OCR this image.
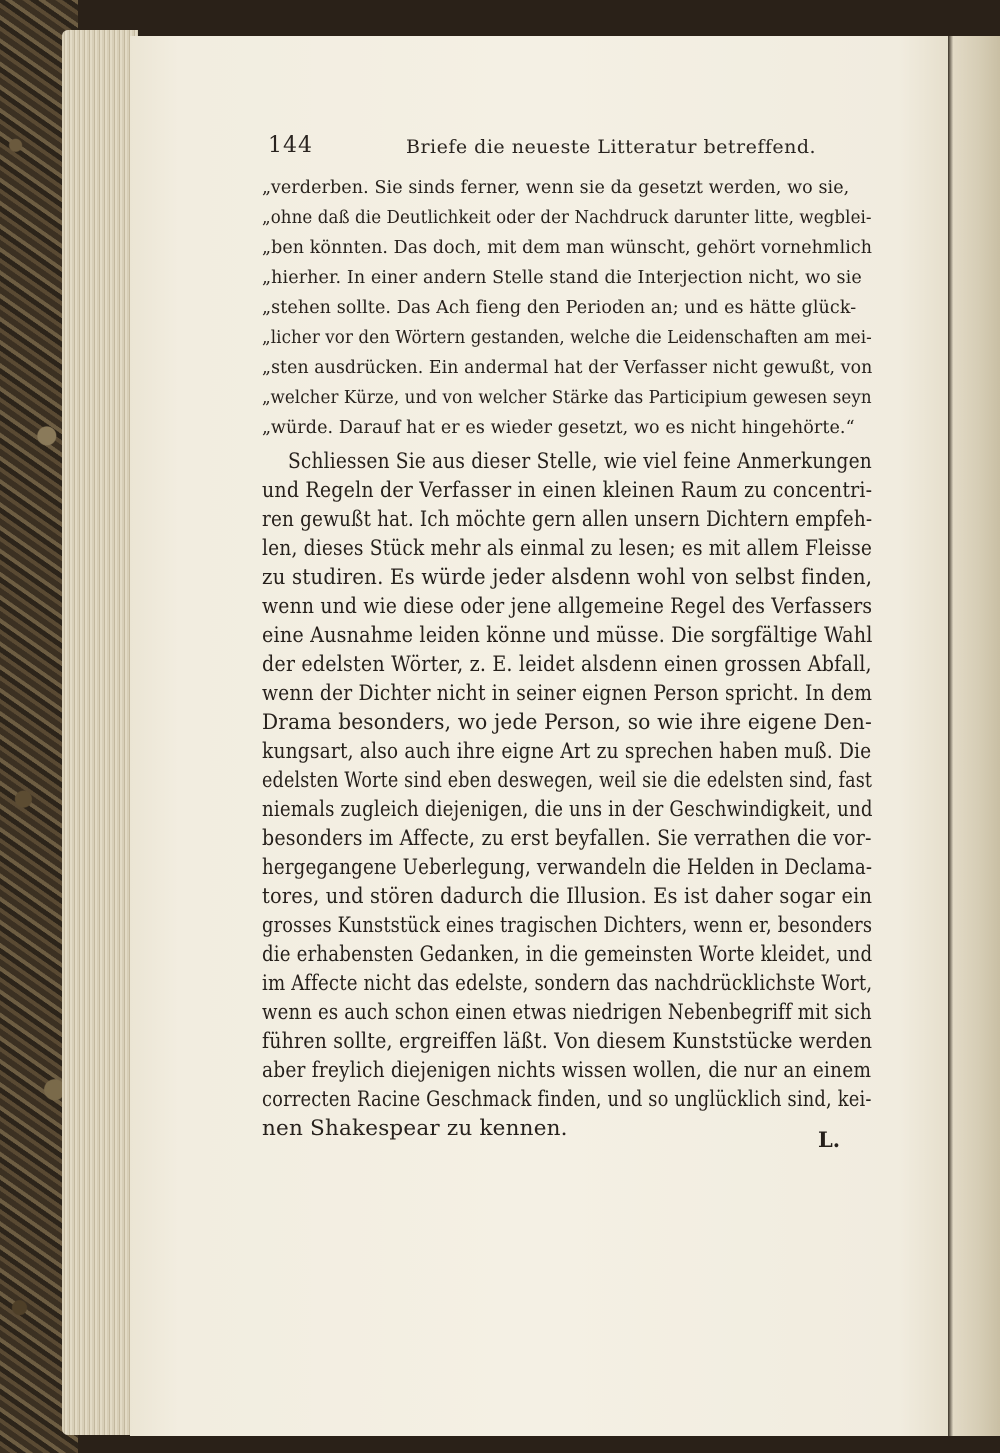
144	Briefe die neueste Litteratur betreffend.
„verderben. Sie sinds ferner, wenn sie da gesetzt werden, wo sie,
„ohne daß die Deutlichkeit oder der Nachdruck darunter litte, wegblei-
„ben könnten. Das doch, mit dem man wünscht, gehört vornehmlich
„hierher. In einer andern Stelle stand die Interjection nicht, wo sie
„stehen sollte. Das Ach fieng den Perioden an; und es hätte glück-
„licher vor den Wörtern gestanden, welche die Leidenschaften am mei-
„sten ausdrücken. Ein andermal hat der Verfasser nicht gewußt, von
„welcher Kürze, und von welcher Stärke das Participium gewesen seyn
„würde. Darauf hat er es wieder gesetzt, wo es nicht hingehörte.“
Schliessen Sie aus dieser Stelle, wie viel feine Anmerkungen
und Regeln der Verfasser in einen kleinen Raum zu concentri-
ren gewußt hat. Ich möchte gern allen unsern Dichtern empfeh-
len, dieses Stück mehr als einmal zu lesen; es mit allem Fleisse
zu studiren. Es würde jeder alsdenn wohl von selbst finden,
wenn und wie diese oder jene allgemeine Regel des Verfassers
eine Ausnahme leiden könne und müsse. Die sorgfältige Wahl
der edelsten Wörter, z. E. leidet alsdenn einen grossen Abfall,
wenn der Dichter nicht in seiner eignen Person spricht. In dem
Drama besonders, wo jede Person, so wie ihre eigene Den-
kungsart, also auch ihre eigne Art zu sprechen haben muß. Die
edelsten Worte sind eben deswegen, weil sie die edelsten sind, fast
niemals zugleich diejenigen, die uns in der Geschwindigkeit, und
besonders im Affecte, zu erst beyfallen. Sie verrathen die vor-
hergegangene Ueberlegung, verwandeln die Helden in Declama-
tores, und stören dadurch die Illusion. Es ist daher sogar ein
grosses Kunststück eines tragischen Dichters, wenn er, besonders
die erhabensten Gedanken, in die gemeinsten Worte kleidet, und
im Affecte nicht das edelste, sondern das nachdrücklichste Wort,
wenn es auch schon einen etwas niedrigen Nebenbegriff mit sich
führen sollte, ergreiffen läßt. Von diesem Kunststücke werden
aber freylich diejenigen nichts wissen wollen, die nur an einem
correcten Racine Geschmack finden, und so unglücklich sind, kei-
nen Shakespear zu kennen.	L.
